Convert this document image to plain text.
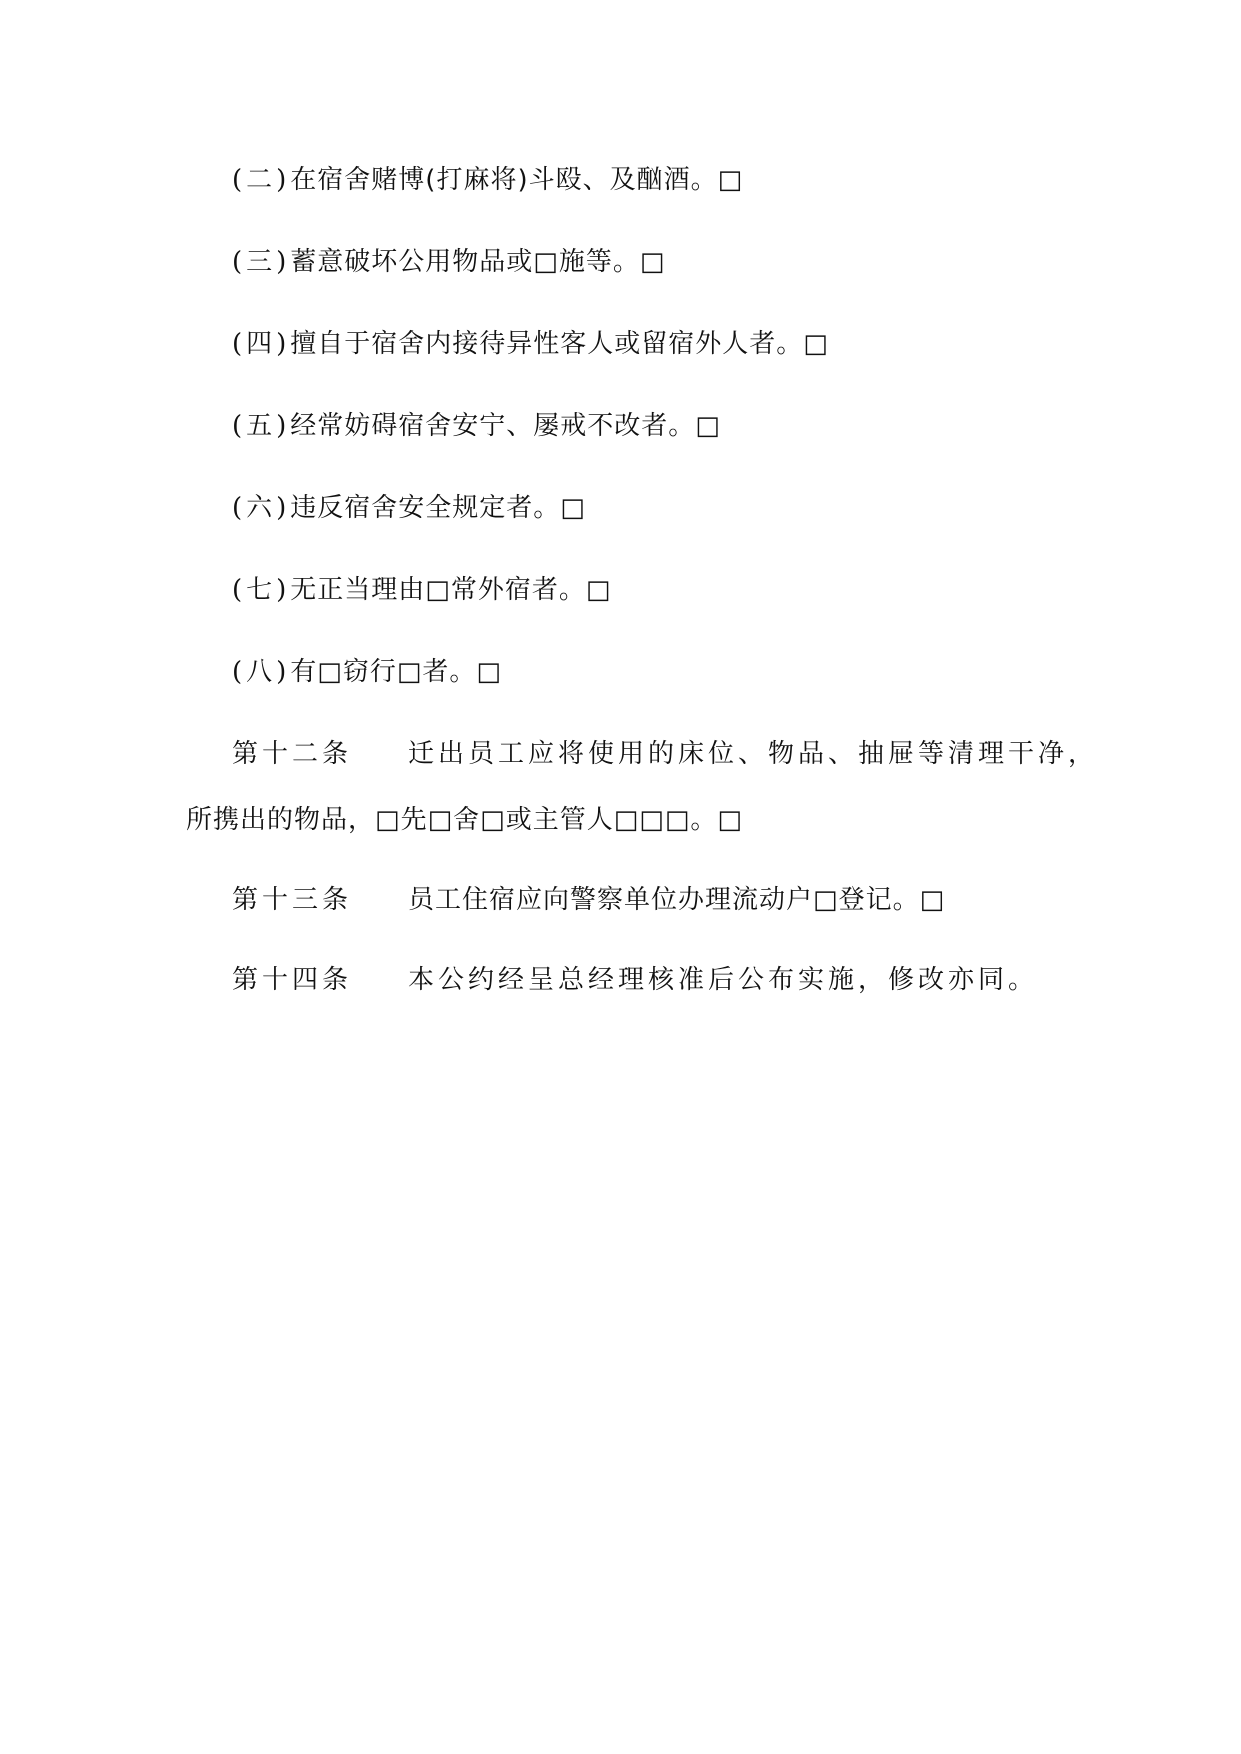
(二)在宿舍赌博(打麻将)斗殴、及酗酒。□
(三)蓄意破坏公用物品或□施等。□
(四)擅自于宿舍内接待异性客人或留宿外人者。□
(五)经常妨碍宿舍安宁、屡戒不改者。□
(六)违反宿舍安全规定者。□
(七)无正当理由□常外宿者。□
(八)有□窃行□者。□
第十二条 迁出员工应将使用的床位、物品、抽屉等清理干净，
所携出的物品，□先□舍□或主管人□□□。□
第十三条 员工住宿应向警察单位办理流动户□登记。□
第十四条 本公约经呈总经理核准后公布实施，修改亦同。
